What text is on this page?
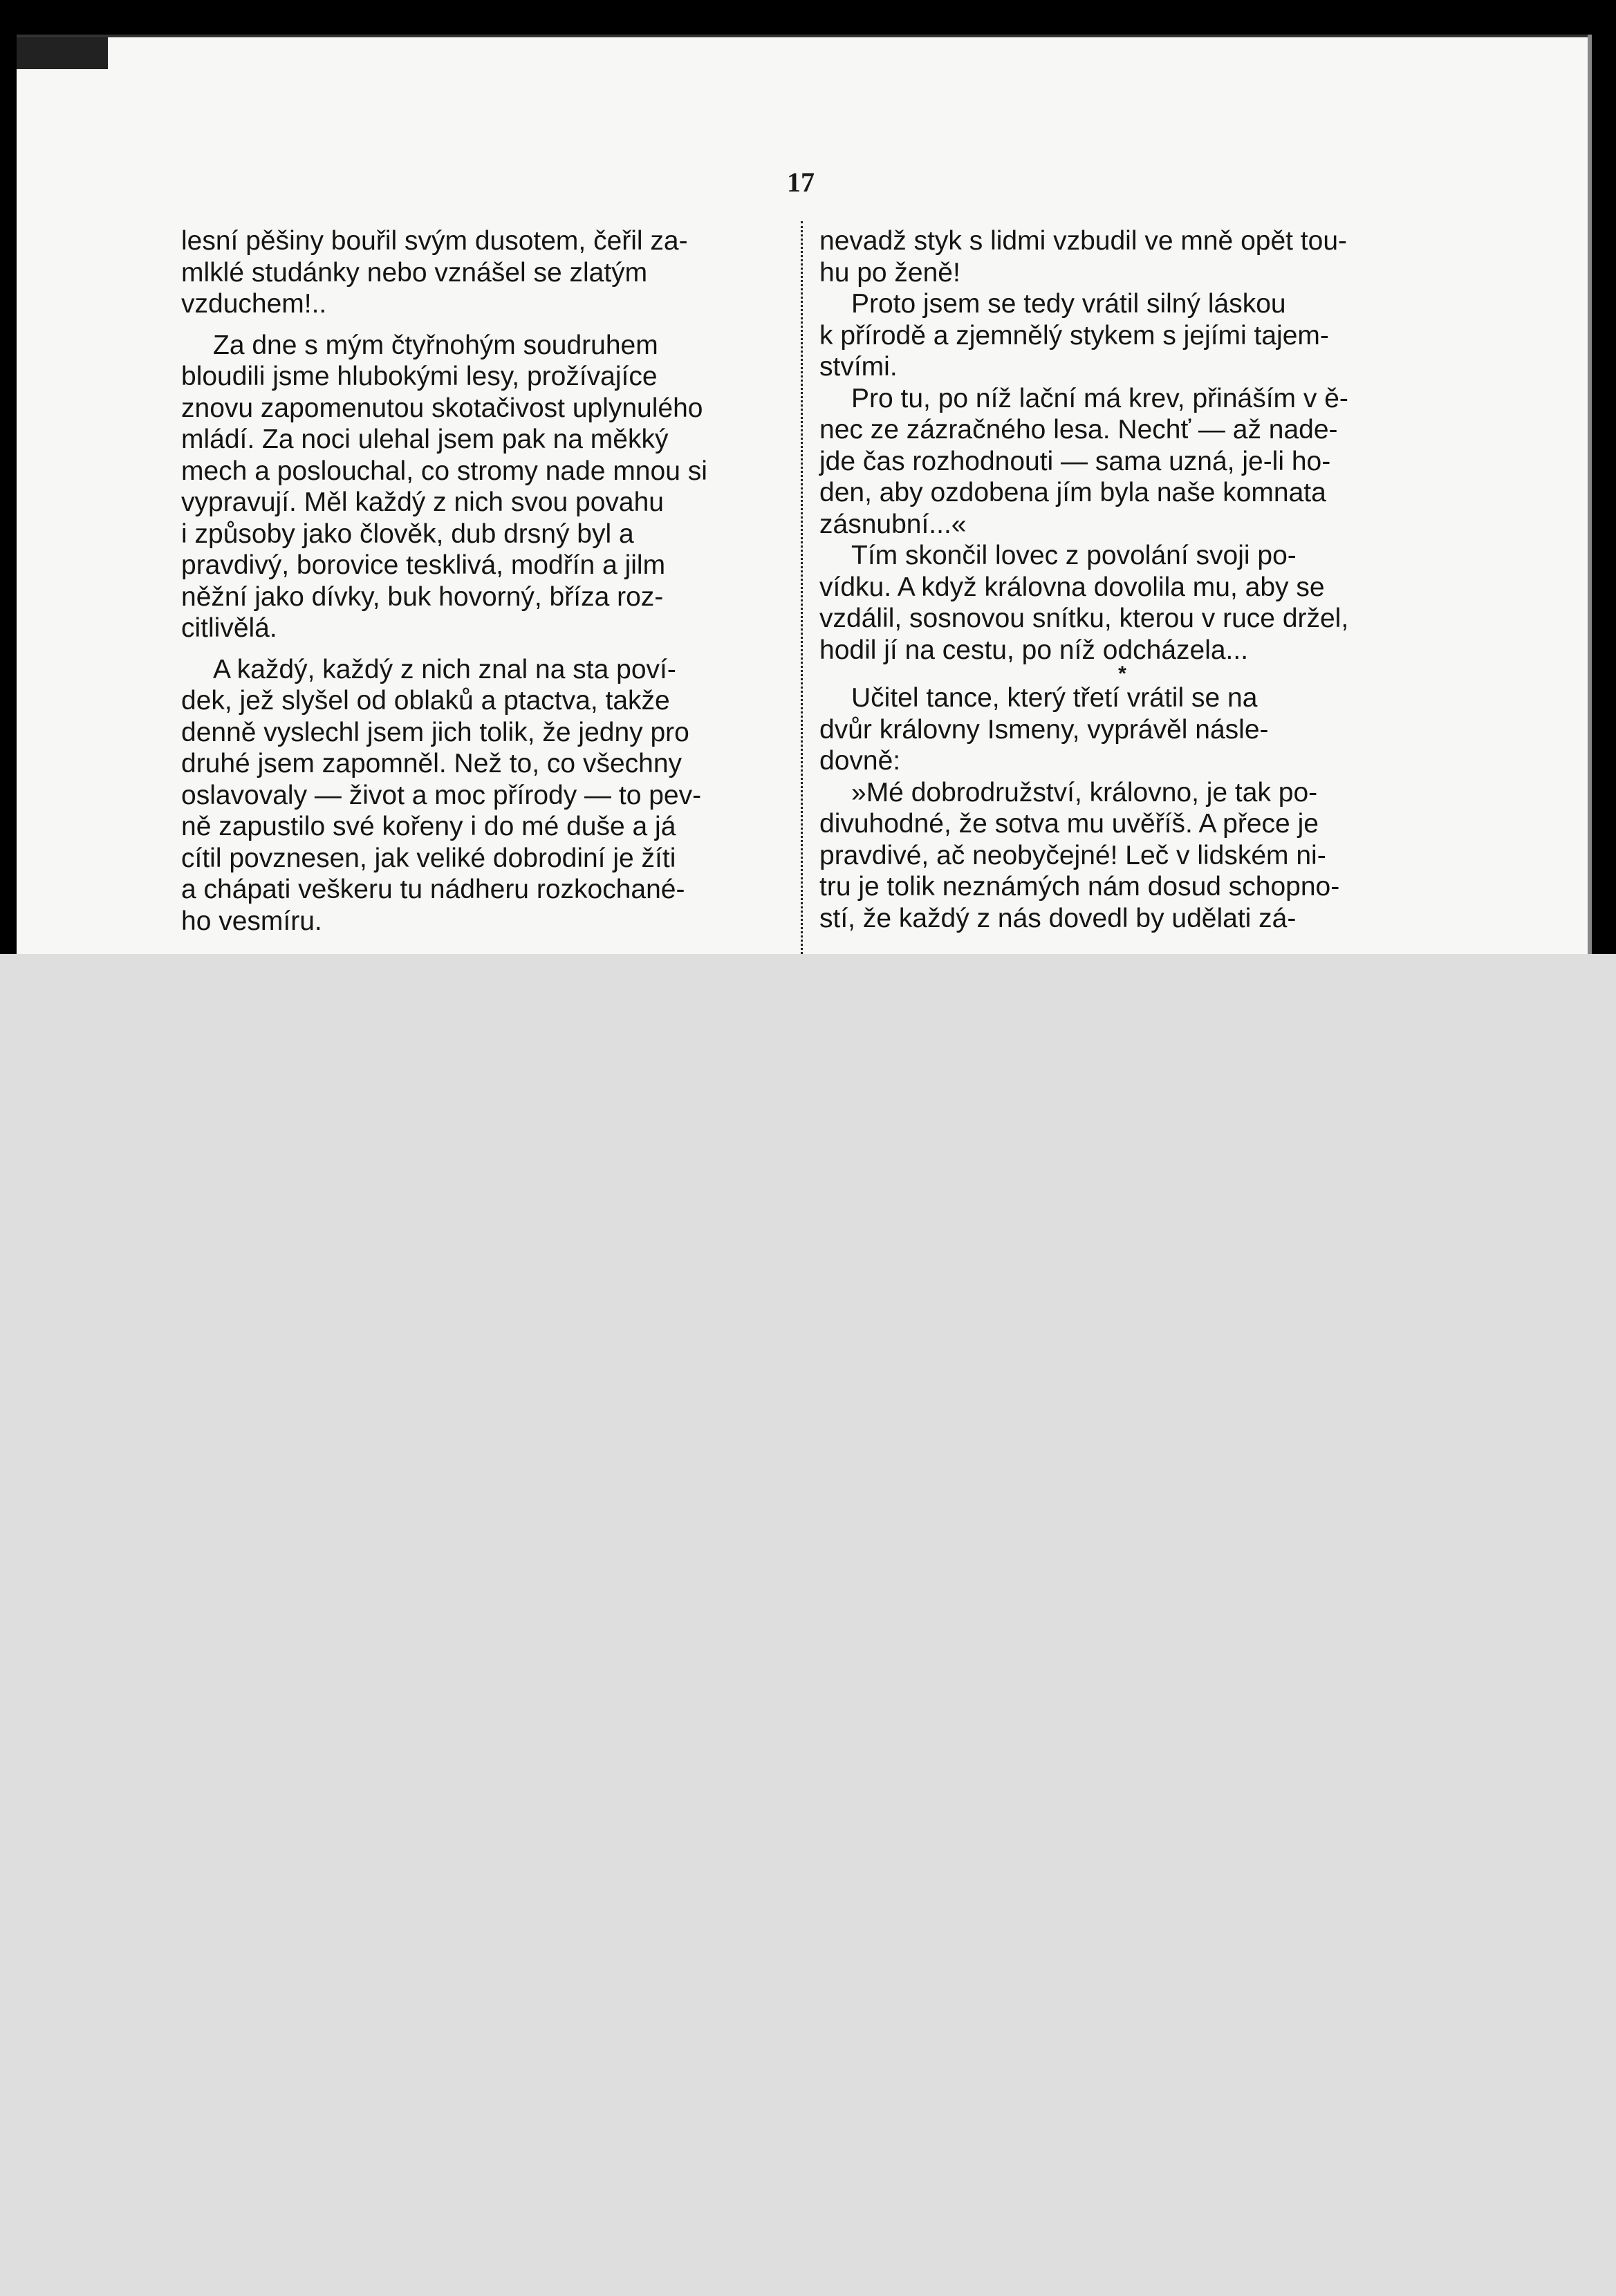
17

lesní pěšiny bouřil svým dusotem, čeřil za-

mlklé studánky nebo vznášel se zlatým

vzduchem!..

Za dne s mým čtyřnohým soudruhem

bloudili jsme hlubokými lesy, prožívajíce

znovu zapomenutou skotačivost uplynulého

mládí. Za noci ulehal jsem pak na měkký

mech a poslouchal, co stromy nade mnou si

vypravují. Měl každý z nich svou povahu

i způsoby jako člověk, dub drsný byl a

pravdivý, borovice tesklivá, modřín a jilm

něžní jako dívky, buk hovorný, bříza roz-

citlivělá.

A každý, každý z nich znal na sta poví-

dek, jež slyšel od oblaků a ptactva, takže

denně vyslechl jsem jich tolik, že jedny pro

druhé jsem zapomněl. Než to, co všechny

oslavovaly — život a moc přírody — to pev-

ně zapustilo své kořeny i do mé duše a já

cítil povznesen, jak veliké dobrodiní je žíti

a chápati veškeru tu nádheru rozkochané-

ho vesmíru.

nevadž styk s lidmi vzbudil ve mně opět tou-

hu po ženě!

Proto jsem se tedy vrátil silný láskou

k přírodě a zjemnělý stykem s jejími tajem-

stvími.

Pro tu, po níž lační má krev, přináším v ě-

nec ze zázračného lesa. Nechť — až nade-

jde čas rozhodnouti — sama uzná, je-li ho-

den, aby ozdobena jím byla naše komnata

zásnubní...«

Tím skončil lovec z povolání svoji po-

vídku. A když královna dovolila mu, aby se

vzdálil, sosnovou snítku, kterou v ruce držel,

hodil jí na cestu, po níž odcházela...

*

Učitel tance, který třetí vrátil se na

dvůr královny Ismeny, vyprávěl násle-

dovně:

»Mé dobrodružství, královno, je tak po-

divuhodné, že sotva mu uvěříš. A přece je

pravdivé, ač neobyčejné! Leč v lidském ni-

tru je tolik neznámých nám dosud schopno-

stí, že každý z nás dovedl by udělati zá-
